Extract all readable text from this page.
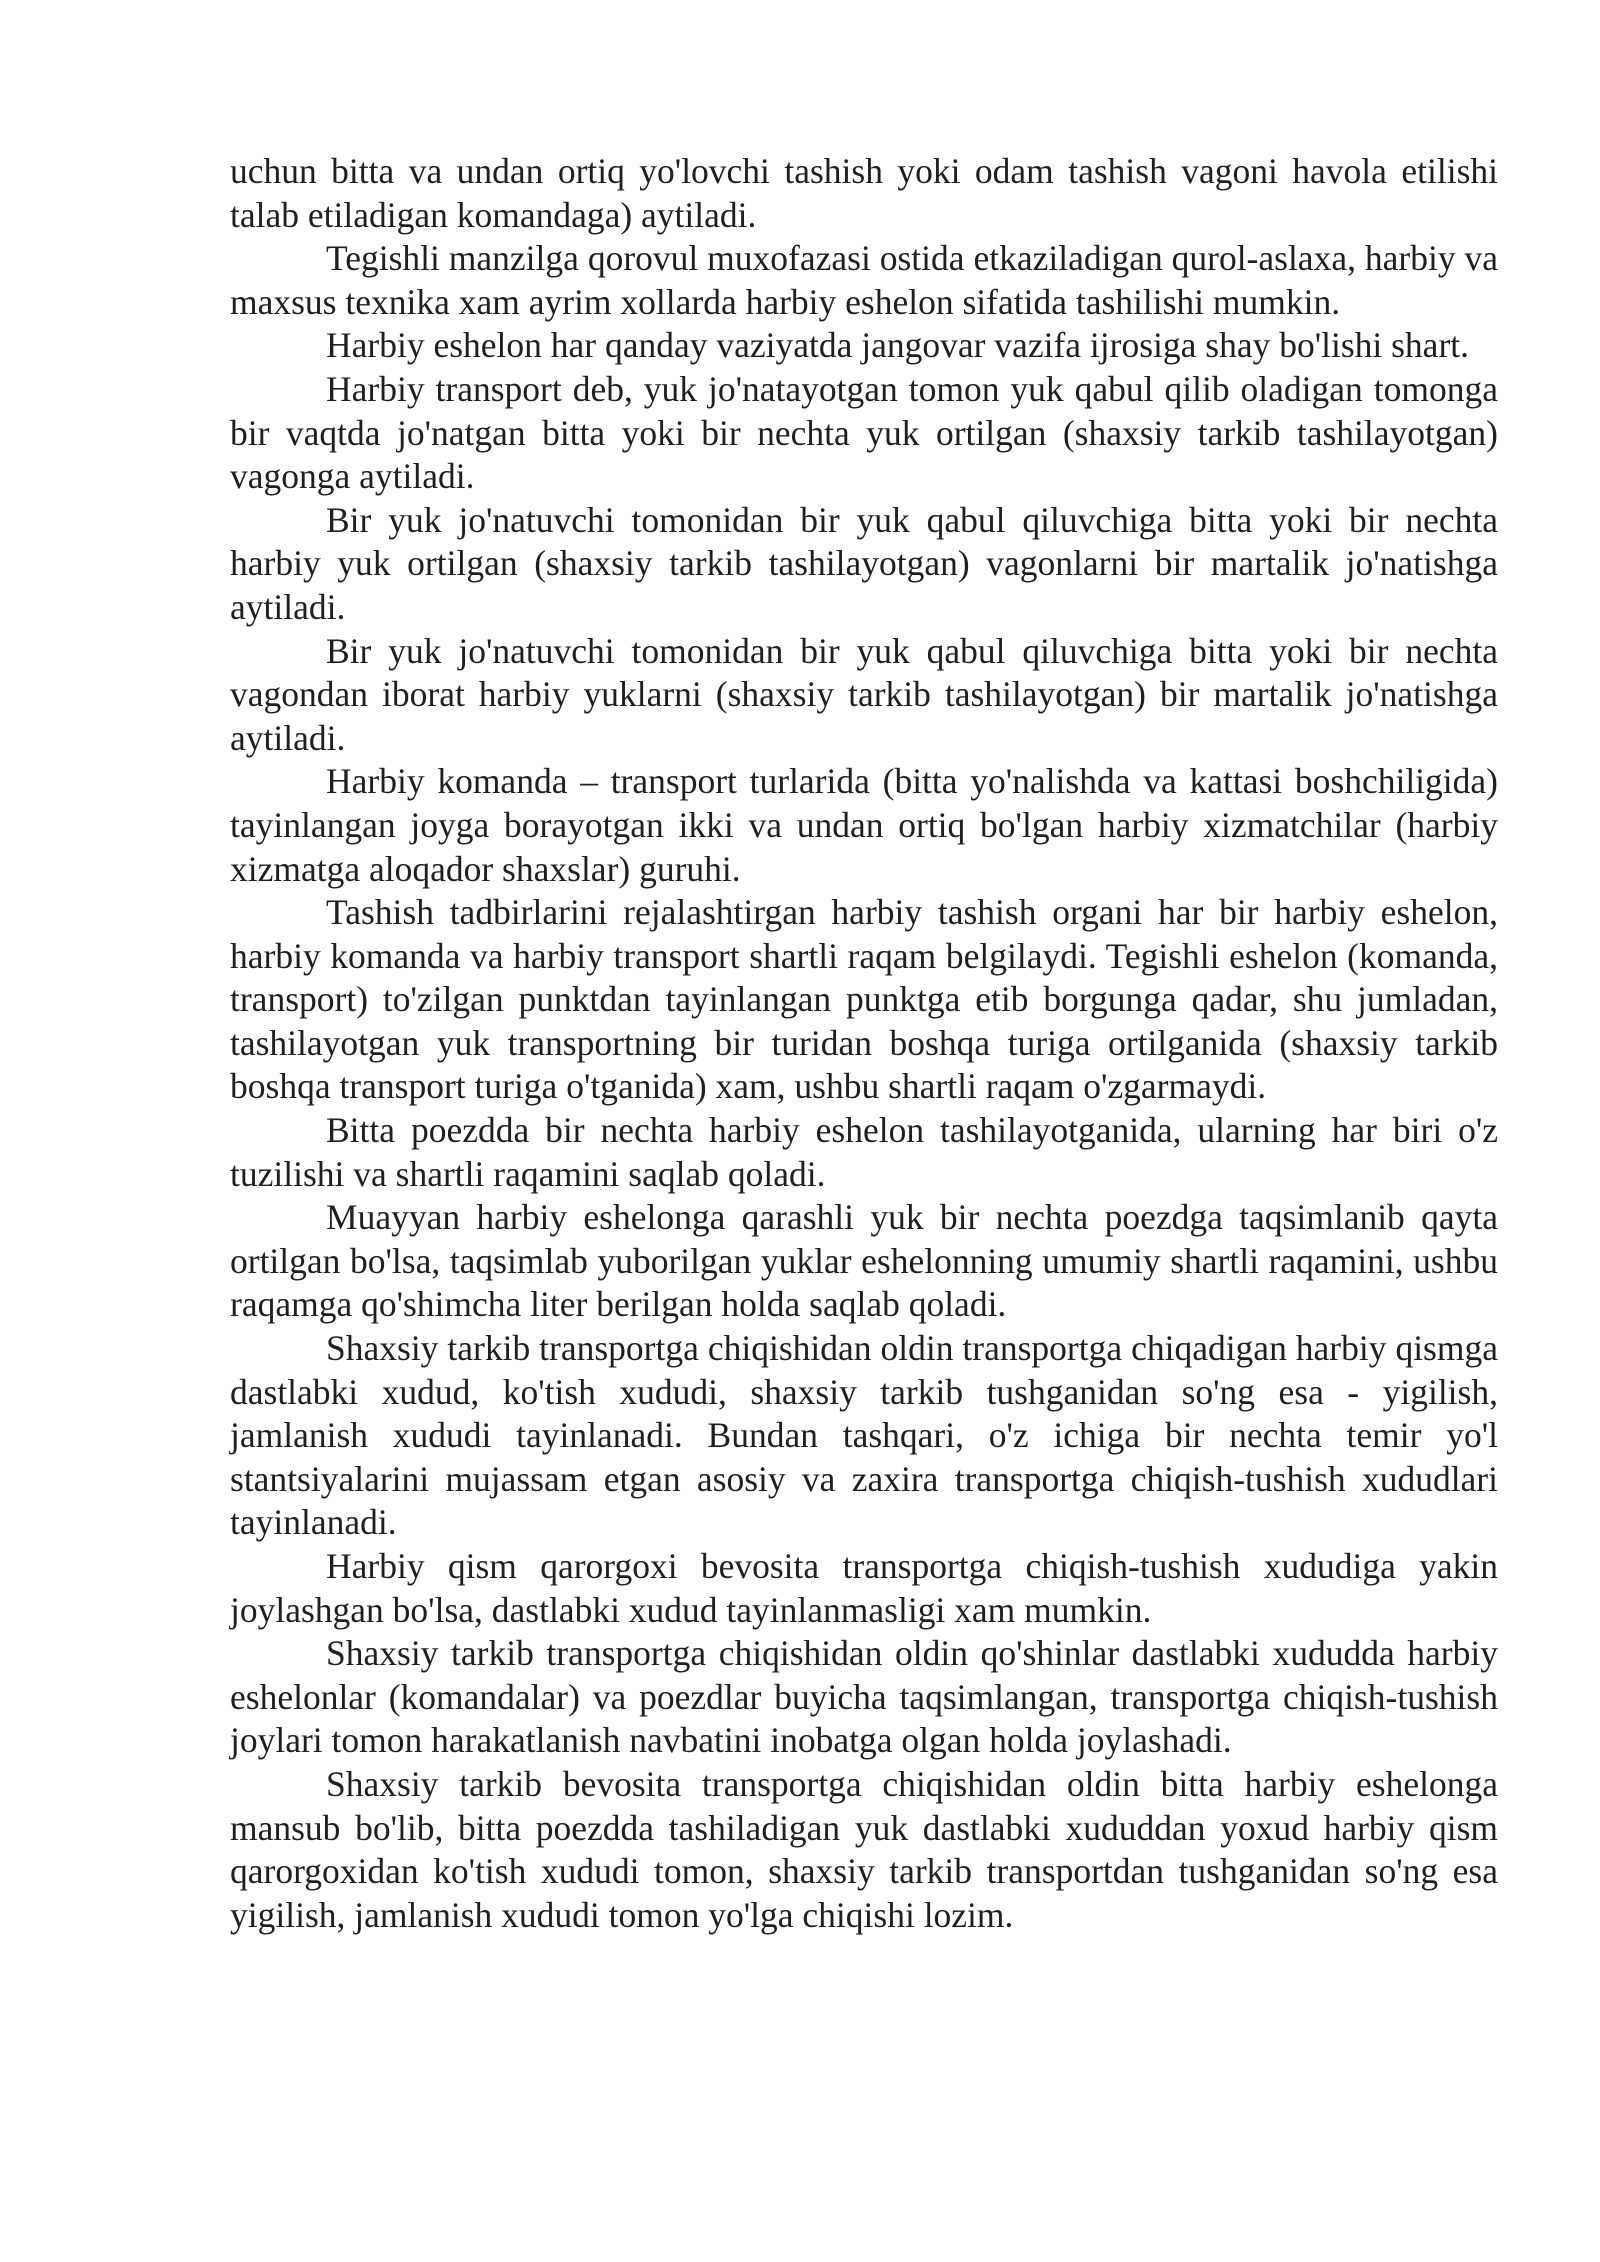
uchun bitta va undan ortiq yo'lovchi tashish yoki odam tashish vagoni havola etilishi talab etiladigan komandaga) aytiladi.

Tegishli manzilga qorovul muxofazasi ostida etkaziladigan qurol-aslaxa, harbiy va maxsus texnika xam ayrim xollarda harbiy eshelon sifatida tashilishi mumkin.

Harbiy eshelon har qanday vaziyatda jangovar vazifa ijrosiga shay bo'lishi shart.

Harbiy transport deb, yuk jo'natayotgan tomon yuk qabul qilib oladigan tomonga bir vaqtda jo'natgan bitta yoki bir nechta yuk ortilgan (shaxsiy tarkib tashilayotgan) vagonga aytiladi.

Bir yuk jo'natuvchi tomonidan bir yuk qabul qiluvchiga bitta yoki bir nechta harbiy yuk ortilgan (shaxsiy tarkib tashilayotgan) vagonlarni bir martalik jo'natishga aytiladi.

Bir yuk jo'natuvchi tomonidan bir yuk qabul qiluvchiga bitta yoki bir nechta vagondan iborat harbiy yuklarni (shaxsiy tarkib tashilayotgan) bir martalik jo'natishga aytiladi.

Harbiy komanda – transport turlarida (bitta yo'nalishda va kattasi boshchiligida) tayinlangan joyga borayotgan ikki va undan ortiq bo'lgan harbiy xizmatchilar (harbiy xizmatga aloqador shaxslar) guruhi.

Tashish tadbirlarini rejalashtirgan harbiy tashish organi har bir harbiy eshelon, harbiy komanda va harbiy transport shartli raqam belgilaydi. Tegishli eshelon (komanda, transport) to'zilgan punktdan tayinlangan punktga etib borgunga qadar, shu jumladan, tashilayotgan yuk transportning bir turidan boshqa turiga ortilganida (shaxsiy tarkib boshqa transport turiga o'tganida) xam, ushbu shartli raqam o'zgarmaydi.

Bitta poezdda bir nechta harbiy eshelon tashilayotganida, ularning har biri o'z tuzilishi va shartli raqamini saqlab qoladi.

Muayyan harbiy eshelonga qarashli yuk bir nechta poezdga taqsimlanib qayta ortilgan bo'lsa, taqsimlab yuborilgan yuklar eshelonning umumiy shartli raqamini, ushbu raqamga qo'shimcha liter berilgan holda saqlab qoladi.

Shaxsiy tarkib transportga chiqishidan oldin transportga chiqadigan harbiy qismga dastlabki xudud, ko'tish xududi, shaxsiy tarkib tushganidan so'ng esa - yigilish, jamlanish xududi tayinlanadi. Bundan tashqari, o'z ichiga bir nechta temir yo'l stantsiyalarini mujassam etgan asosiy va zaxira transportga chiqish-tushish xududlari tayinlanadi.

Harbiy qism qarorgoxi bevosita transportga chiqish-tushish xududiga yakin joylashgan bo'lsa, dastlabki xudud tayinlanmasligi xam mumkin.

Shaxsiy tarkib transportga chiqishidan oldin qo'shinlar dastlabki xududda harbiy eshelonlar (komandalar) va poezdlar buyicha taqsimlangan, transportga chiqish-tushish joylari tomon harakatlanish navbatini inobatga olgan holda joylashadi.

Shaxsiy tarkib bevosita transportga chiqishidan oldin bitta harbiy eshelonga mansub bo'lib, bitta poezdda tashiladigan yuk dastlabki xududdan yoxud harbiy qism qarorgoxidan ko'tish xududi tomon, shaxsiy tarkib transportdan tushganidan so'ng esa yigilish, jamlanish xududi tomon yo'lga chiqishi lozim.
